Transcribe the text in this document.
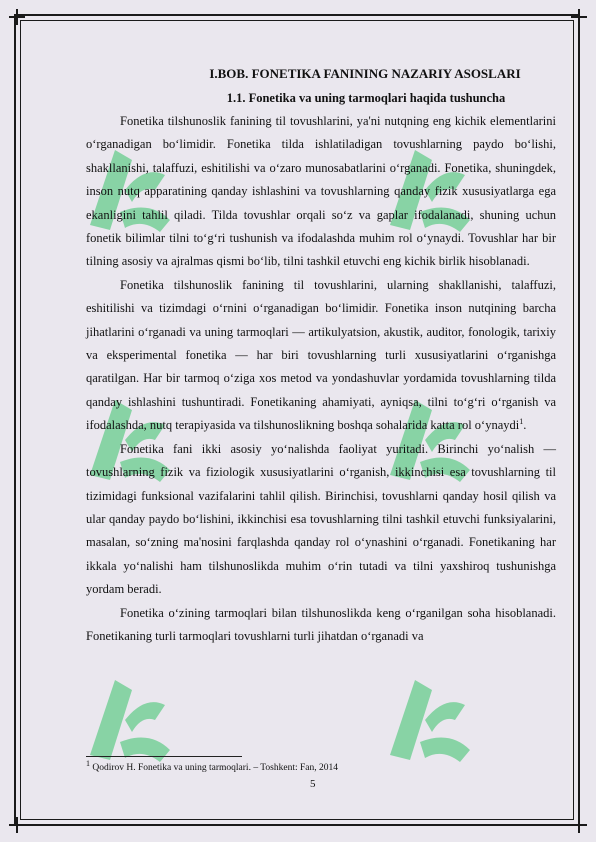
I.BOB. FONETIKA FANINING NAZARIY ASOSLARI
1.1. Fonetika va uning tarmoqlari haqida tushuncha

Fonetika tilshunoslik fanining til tovushlarini, ya'ni nutqning eng kichik elementlarini oʻrganadigan boʻlimidir. Fonetika tilda ishlatiladigan tovushlarning paydo boʻlishi, shakllanishi, talaffuzi, eshitilishi va oʻzaro munosabatlarini oʻrganadi. Fonetika, shuningdek, inson nutq apparatining qanday ishlashini va tovushlarning qanday fizik xususiyatlarga ega ekanligini tahlil qiladi. Tilda tovushlar orqali soʻz va gaplar ifodalanadi, shuning uchun fonetik bilimlar tilni toʻgʻri tushunish va ifodalashda muhim rol oʻynaydi. Tovushlar har bir tilning asosiy va ajralmas qismi boʻlib, tilni tashkil etuvchi eng kichik birlik hisoblanadi.

Fonetika tilshunoslik fanining til tovushlarini, ularning shakllanishi, talaffuzi, eshitilishi va tizimdagi oʻrnini oʻrganadigan boʻlimidir. Fonetika inson nutqining barcha jihatlarini oʻrganadi va uning tarmoqlari — artikulyatsion, akustik, auditor, fonologik, tarixiy va eksperimental fonetika — har biri tovushlarning turli xususiyatlarini oʻrganishga qaratilgan. Har bir tarmoq oʻziga xos metod va yondashuvlar yordamida tovushlarning tilda qanday ishlashini tushuntiradi. Fonetikaning ahamiyati, ayniqsa, tilni toʻgʻri oʻrganish va ifodalashda, nutq terapiyasida va tilshunoslikning boshqa sohalarida katta rol oʻynaydi$^1$.

Fonetika fani ikki asosiy yoʻnalishda faoliyat yuritadi. Birinchi yoʻnalish — tovushlarning fizik va fiziologik xususiyatlarini oʻrganish, ikkinchisi esa tovushlarning til tizimidagi funksional vazifalarini tahlil qilish. Birinchisi, tovushlarni qanday hosil qilish va ular qanday paydo boʻlishini, ikkinchisi esa tovushlarning tilni tashkil etuvchi funksiyalarini, masalan, soʻzning ma'nosini farqlashda qanday rol oʻynashini oʻrganadi. Fonetikaning har ikkala yoʻnalishi ham tilshunoslikda muhim oʻrin tutadi va tilni yaxshiroq tushunishga yordam beradi.

Fonetika oʻzining tarmoqlari bilan tilshunoslikda keng oʻrganilgan soha hisoblanadi. Fonetikaning turli tarmoqlari tovushlarni turli jihatdan oʻrganadi va

$^1$ Qodirov H. Fonetika va uning tarmoqlari. – Toshkent: Fan, 2014
5
